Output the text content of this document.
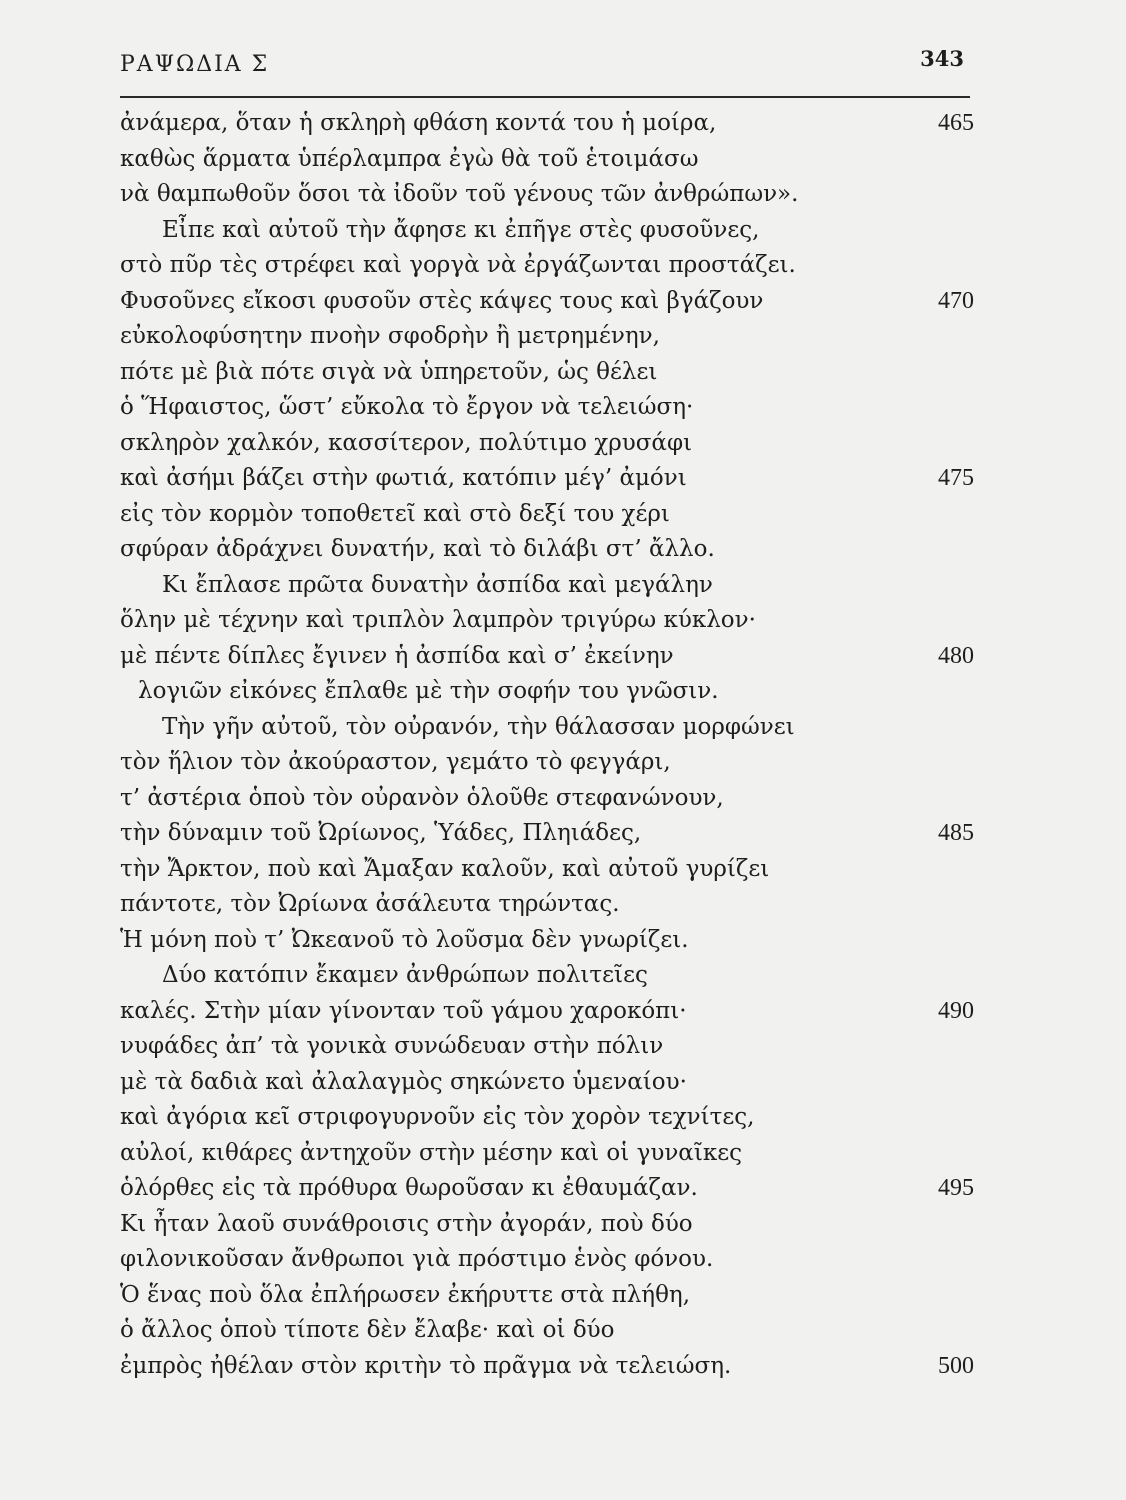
ΡΑΨΩΔΙΑ Σ	343
ἀνάμερα, ὅταν ἡ σκληρὴ φθάση κοντά του ἡ μοίρα,	465
καθὼς ἅρματα ὑπέρλαμπρα ἐγὼ θὰ τοῦ ἑτοιμάσω
νὰ θαμπωθοῦν ὅσοι τὰ ἰδοῦν τοῦ γένους τῶν ἀνθρώπων».
Εἶπε καὶ αὐτοῦ τὴν ἄφησε κι ἐπῆγε στὲς φυσοῦνες,
στὸ πῦρ τὲς στρέφει καὶ γοργὰ νὰ ἐργάζωνται προστάζει.
Φυσοῦνες εἴκοσι φυσοῦν στὲς κάψες τους καὶ βγάζουν	470
εὐκολοφύσητην πνοὴν σφοδρὴν ἢ μετρημένην,
πότε μὲ βιὰ πότε σιγὰ νὰ ὑπηρετοῦν, ὡς θέλει
ὁ Ἥφαιστος, ὥστ’ εὔκολα τὸ ἔργον νὰ τελειώση·
σκληρὸν χαλκόν, κασσίτερον, πολύτιμο χρυσάφι
καὶ ἀσήμι βάζει στὴν φωτιά, κατόπιν μέγ’ ἀμόνι	475
εἰς τὸν κορμὸν τοποθετεῖ καὶ στὸ δεξί του χέρι
σφύραν ἀδράχνει δυνατήν, καὶ τὸ διλάβι στ’ ἄλλο.
Κι ἔπλασε πρῶτα δυνατὴν ἀσπίδα καὶ μεγάλην
ὅλην μὲ τέχνην καὶ τριπλὸν λαμπρὸν τριγύρω κύκλον·
μὲ πέντε δίπλες ἔγινεν ἡ ἀσπίδα καὶ σ’ ἐκείνην	480
λογιῶν εἰκόνες ἔπλαθε μὲ τὴν σοφήν του γνῶσιν.
Τὴν γῆν αὐτοῦ, τὸν οὐρανόν, τὴν θάλασσαν μορφώνει
τὸν ἥλιον τὸν ἀκούραστον, γεμάτο τὸ φεγγάρι,
τ’ ἀστέρια ὁποὺ τὸν οὐρανὸν ὁλοῦθε στεφανώνουν,
τὴν δύναμιν τοῦ Ὠρίωνος, Ὑάδες, Πληιάδες,	485
τὴν Ἄρκτον, ποὺ καὶ Ἄμαξαν καλοῦν, καὶ αὐτοῦ γυρίζει
πάντοτε, τὸν Ὠρίωνα ἀσάλευτα τηρώντας.
Ἡ μόνη ποὺ τ’ Ὠκεανοῦ τὸ λοῦσμα δὲν γνωρίζει.
Δύο κατόπιν ἔκαμεν ἀνθρώπων πολιτεῖες
καλές. Στὴν μίαν γίνονταν τοῦ γάμου χαροκόπι·	490
νυφάδες ἀπ’ τὰ γονικὰ συνώδευαν στὴν πόλιν
μὲ τὰ δαδιὰ καὶ ἀλαλαγμὸς σηκώνετο ὑμεναίου·
καὶ ἀγόρια κεῖ στριφογυρνοῦν εἰς τὸν χορὸν τεχνίτες,
αὐλοί, κιθάρες ἀντηχοῦν στὴν μέσην καὶ οἱ γυναῖκες
ὁλόρθες εἰς τὰ πρόθυρα θωροῦσαν κι ἐθαυμάζαν.	495
Κι ἦταν λαοῦ συνάθροισις στὴν ἀγοράν, ποὺ δύο
φιλονικοῦσαν ἄνθρωποι γιὰ πρόστιμο ἑνὸς φόνου.
Ὁ ἕνας ποὺ ὅλα ἐπλήρωσεν ἐκήρυττε στὰ πλήθη,
ὁ ἄλλος ὁποὺ τίποτε δὲν ἔλαβε· καὶ οἱ δύο
ἐμπρὸς ἠθέλαν στὸν κριτὴν τὸ πρᾶγμα νὰ τελειώση.	500
